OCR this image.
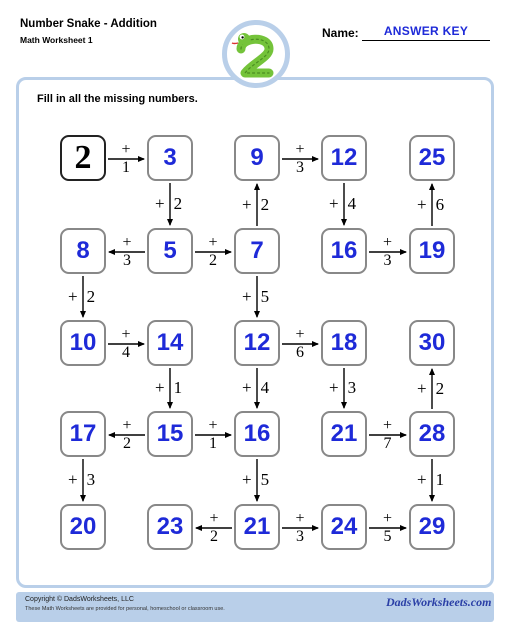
Number Snake - Addition
Math Worksheet 1	Name:	ANSWER KEY
Fill in all the missing numbers.
2	3	9	12	25
8	5	7	16	19
10	14	12	18	30
17	15	16	21	28
20	23	21	24	29
+
1
+ 2
+
3
+
2
+ 2
+
3
+ 4
+
3
+ 6
+ 2
+
4
+ 1
+ 5
+
6
+ 4	+ 3	+ 2
+
2
+
1
+
7
+ 3	+ 5	+ 1
+
2
+
3
+
5
Copyright © DadsWorksheets, LLC
These Math Worksheets are provided for personal, homeschool or classroom use.	DadsWorksheets.com
